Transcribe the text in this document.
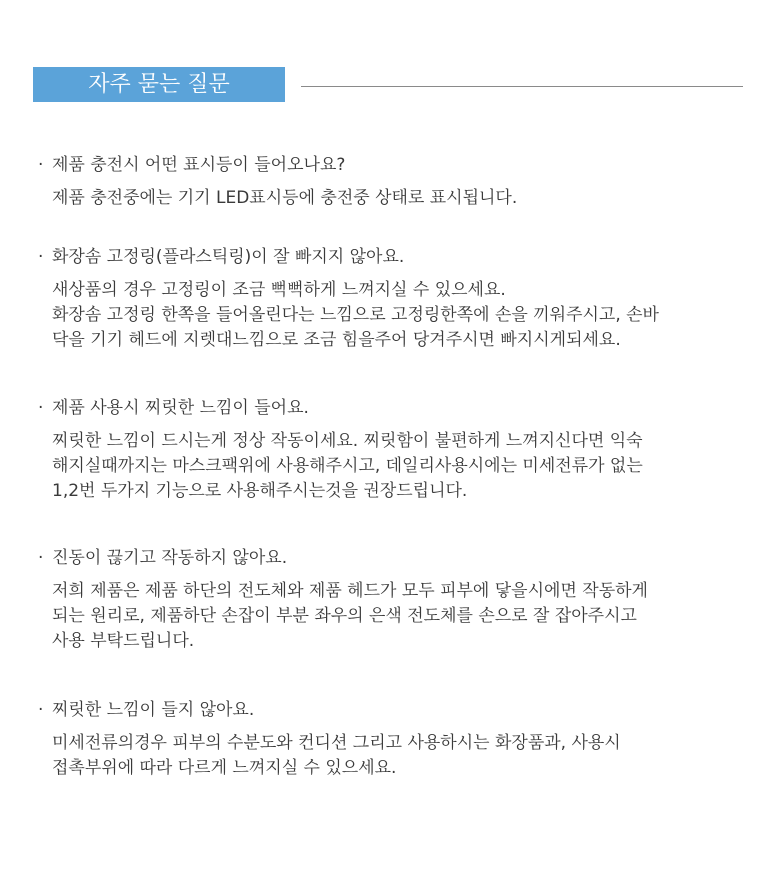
자주 묻는 질문
· 제품 충전시 어떤 표시등이 들어오나요?
제품 충전중에는 기기 LED표시등에 충전중 상태로 표시됩니다.
· 화장솜 고정링(플라스틱링)이 잘 빠지지 않아요.
새상품의 경우 고정링이 조금 뻑뻑하게 느껴지실 수 있으세요.
화장솜 고정링 한쪽을 들어올린다는 느낌으로 고정링한쪽에 손을 끼워주시고, 손바
닥을 기기 헤드에 지렛대느낌으로 조금 힘을주어 당겨주시면 빠지시게되세요.
· 제품 사용시 찌릿한 느낌이 들어요.
찌릿한 느낌이 드시는게 정상 작동이세요. 찌릿함이 불편하게 느껴지신다면 익숙
해지실때까지는 마스크팩위에 사용해주시고, 데일리사용시에는 미세전류가 없는
1,2번 두가지 기능으로 사용해주시는것을 권장드립니다.
· 진동이 끊기고 작동하지 않아요.
저희 제품은 제품 하단의 전도체와 제품 헤드가 모두 피부에 닿을시에면 작동하게
되는 원리로, 제품하단 손잡이 부분 좌우의 은색 전도체를 손으로 잘 잡아주시고
사용 부탁드립니다.
· 찌릿한 느낌이 들지 않아요.
미세전류의경우 피부의 수분도와 컨디션 그리고 사용하시는 화장품과, 사용시
접촉부위에 따라 다르게 느껴지실 수 있으세요.
